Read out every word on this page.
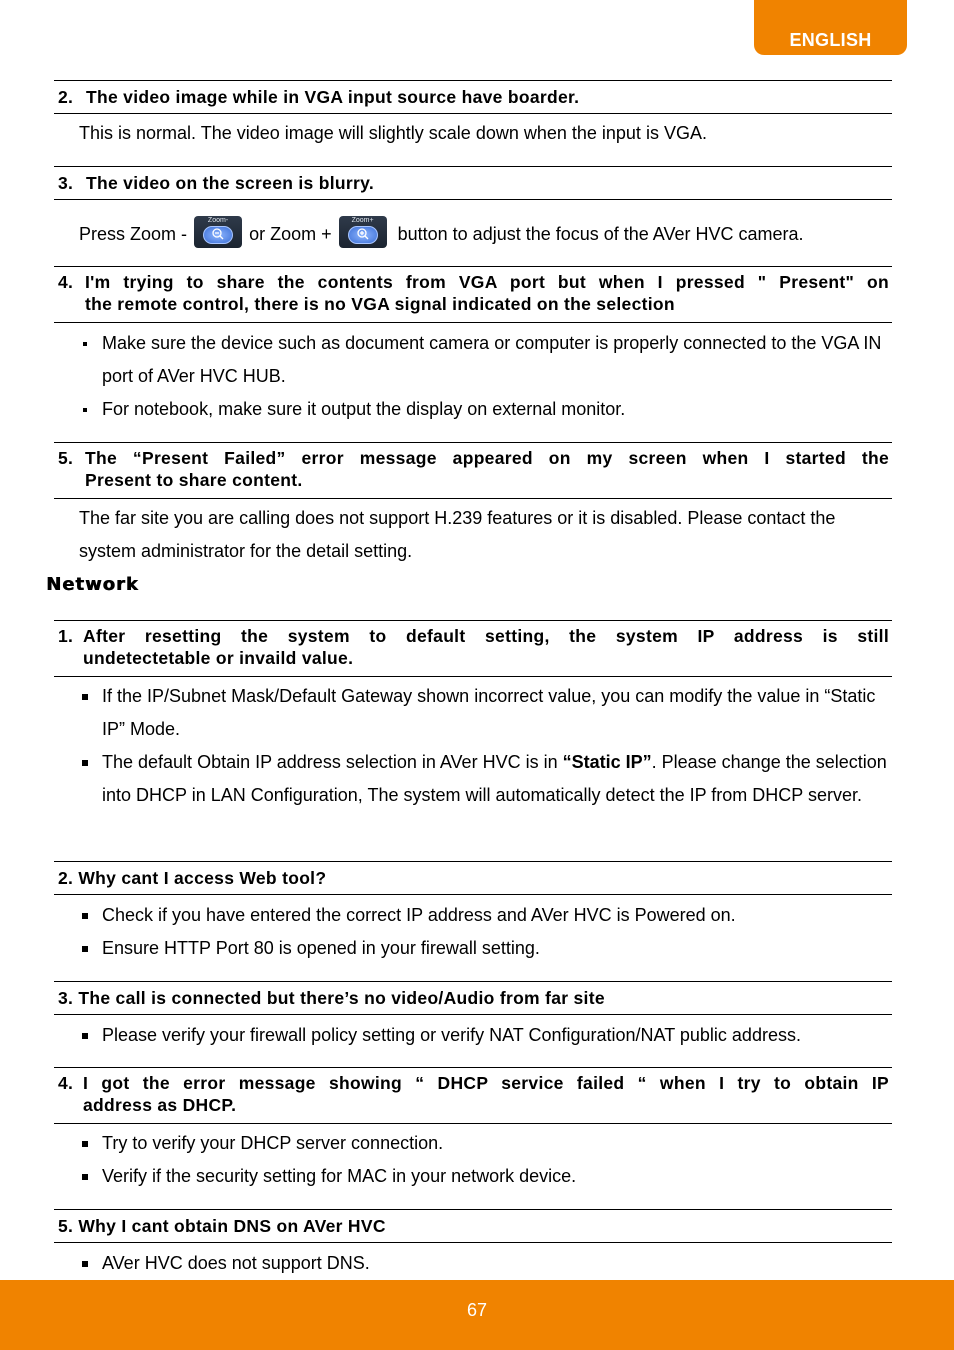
ENGLISH
2. The video image while in VGA input source have boarder.
This is normal. The video image will slightly scale down when the input is VGA.
3. The video on the screen is blurry.
Press Zoom -
Zoom-
or Zoom +
Zoom+
button to adjust the focus of the AVer HVC camera.
4. I'm trying to share the contents from VGA port but when I pressed " Present" on
the remote control, there is no VGA signal indicated on the selection
Make sure the device such as document camera or computer is properly connected to the VGA IN port of AVer HVC HUB.
For notebook, make sure it output the display on external monitor.
5. The “Present Failed” error message appeared on my screen when I started the
Present to share content.
The far site you are calling does not support H.239 features or it is disabled. Please contact the system administrator for the detail setting.
Network
1. After resetting the system to default setting, the system IP address is still
undetectetable or invaild value.
If the IP/Subnet Mask/Default Gateway shown incorrect value, you can modify the value in “Static IP” Mode.
The default Obtain IP address selection in AVer HVC is in “Static IP”. Please change the selection into DHCP in LAN Configuration, The system will automatically detect the IP from DHCP server.
2. Why cant I access Web tool?
Check if you have entered the correct IP address and AVer HVC is Powered on.
Ensure HTTP Port 80 is opened in your firewall setting.
3. The call is connected but there’s no video/Audio from far site
Please verify your firewall policy setting or verify NAT Configuration/NAT public address.
4. I got the error message showing “ DHCP service failed “ when I try to obtain IP
address as DHCP.
Try to verify your DHCP server connection.
Verify if the security setting for MAC in your network device.
5. Why I cant obtain DNS on AVer HVC
AVer HVC does not support DNS.
67
